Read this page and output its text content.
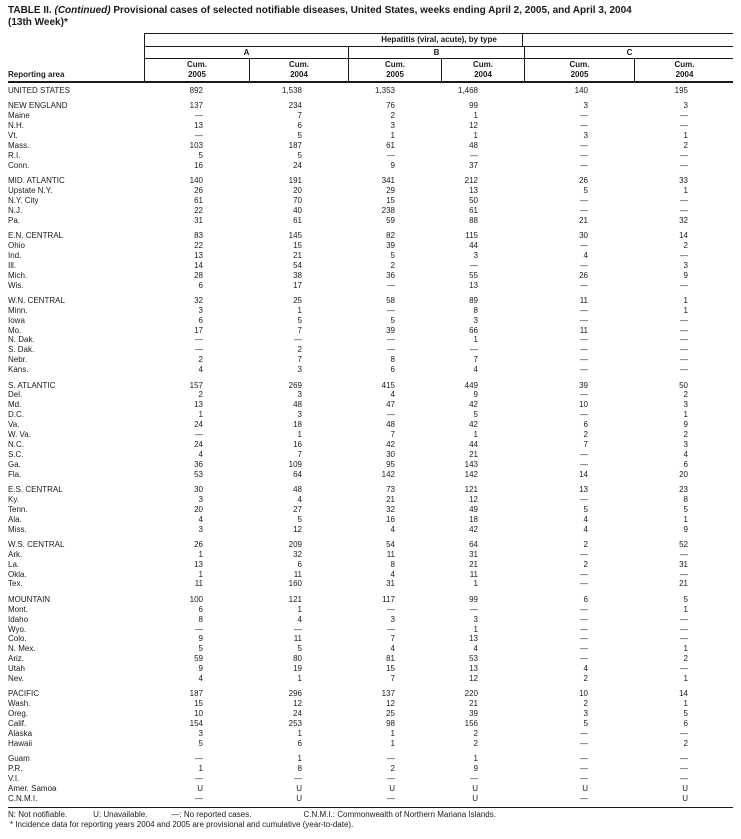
TABLE II. (Continued) Provisional cases of selected notifiable diseases, United States, weeks ending April 2, 2005, and April 3, 2004
(13th Week)*
Reporting area
Hepatitis (viral, acute), by type
A	B	C
Cum.
2005
Cum.
2004
Cum.
2005
Cum.
2004
Cum.
2005
Cum.
2004
UNITED STATES	892	1,538	1,353	1,468	140	195
NEW ENGLAND	137	234	76	99	3	3
Maine	—	7	2	1	—	—
N.H.	13	6	3	12	—	—
Vt.	—	5	1	1	3	1
Mass.	103	187	61	48	—	2
R.I.	5	5	—	—	—	—
Conn.	16	24	9	37	—	—
MID. ATLANTIC	140	191	341	212	26	33
Upstate N.Y.	26	20	29	13	5	1
N.Y. City	61	70	15	50	—	—
N.J.	22	40	238	61	—	—
Pa.	31	61	59	88	21	32
E.N. CENTRAL	83	145	82	115	30	14
Ohio	22	15	39	44	—	2
Ind.	13	21	5	3	4	—
Ill.	14	54	2	—	—	3
Mich.	28	38	36	55	26	9
Wis.	6	17	—	13	—	—
W.N. CENTRAL	32	25	58	89	11	1
Minn.	3	1	—	8	—	1
Iowa	6	5	5	3	—	—
Mo.	17	7	39	66	11	—
N. Dak.	—	—	—	1	—	—
S. Dak.	—	2	—	—	—	—
Nebr.	2	7	8	7	—	—
Kans.	4	3	6	4	—	—
S. ATLANTIC	157	269	415	449	39	50
Del.	2	3	4	9	—	2
Md.	13	48	47	42	10	3
D.C.	1	3	—	5	—	1
Va.	24	18	48	42	6	9
W. Va.	—	1	7	1	2	2
N.C.	24	16	42	44	7	3
S.C.	4	7	30	21	—	4
Ga.	36	109	95	143	—	6
Fla.	53	64	142	142	14	20
E.S. CENTRAL	30	48	73	121	13	23
Ky.	3	4	21	12	—	8
Tenn.	20	27	32	49	5	5
Ala.	4	5	16	18	4	1
Miss.	3	12	4	42	4	9
W.S. CENTRAL	26	209	54	64	2	52
Ark.	1	32	11	31	—	—
La.	13	6	8	21	2	31
Okla.	1	11	4	11	—	—
Tex.	11	160	31	1	—	21
MOUNTAIN	100	121	117	99	6	5
Mont.	6	1	—	—	—	1
Idaho	8	4	3	3	—	—
Wyo.	—	—	—	1	—	—
Colo.	9	11	7	13	—	—
N. Mex.	5	5	4	4	—	1
Ariz.	59	80	81	53	—	2
Utah	9	19	15	13	4	—
Nev.	4	1	7	12	2	1
PACIFIC	187	296	137	220	10	14
Wash.	15	12	12	21	2	1
Oreg.	10	24	25	39	3	5
Calif.	154	253	98	156	5	6
Alaska	3	1	1	2	—	—
Hawaii	5	6	1	2	—	2
Guam	—	1	—	1	—	—
P.R.	1	8	2	9	—	—
V.I.	—	—	—	—	—	—
Amer. Samoa	U	U	U	U	U	U
C.N.M.I.	—	U	—	U	—	U
N: Not notifiable.	U: Unavailable.	—: No reported cases.	C.N.M.I.: Commonwealth of Northern Mariana Islands.
* Incidence data for reporting years 2004 and 2005 are provisional and cumulative (year-to-date).
